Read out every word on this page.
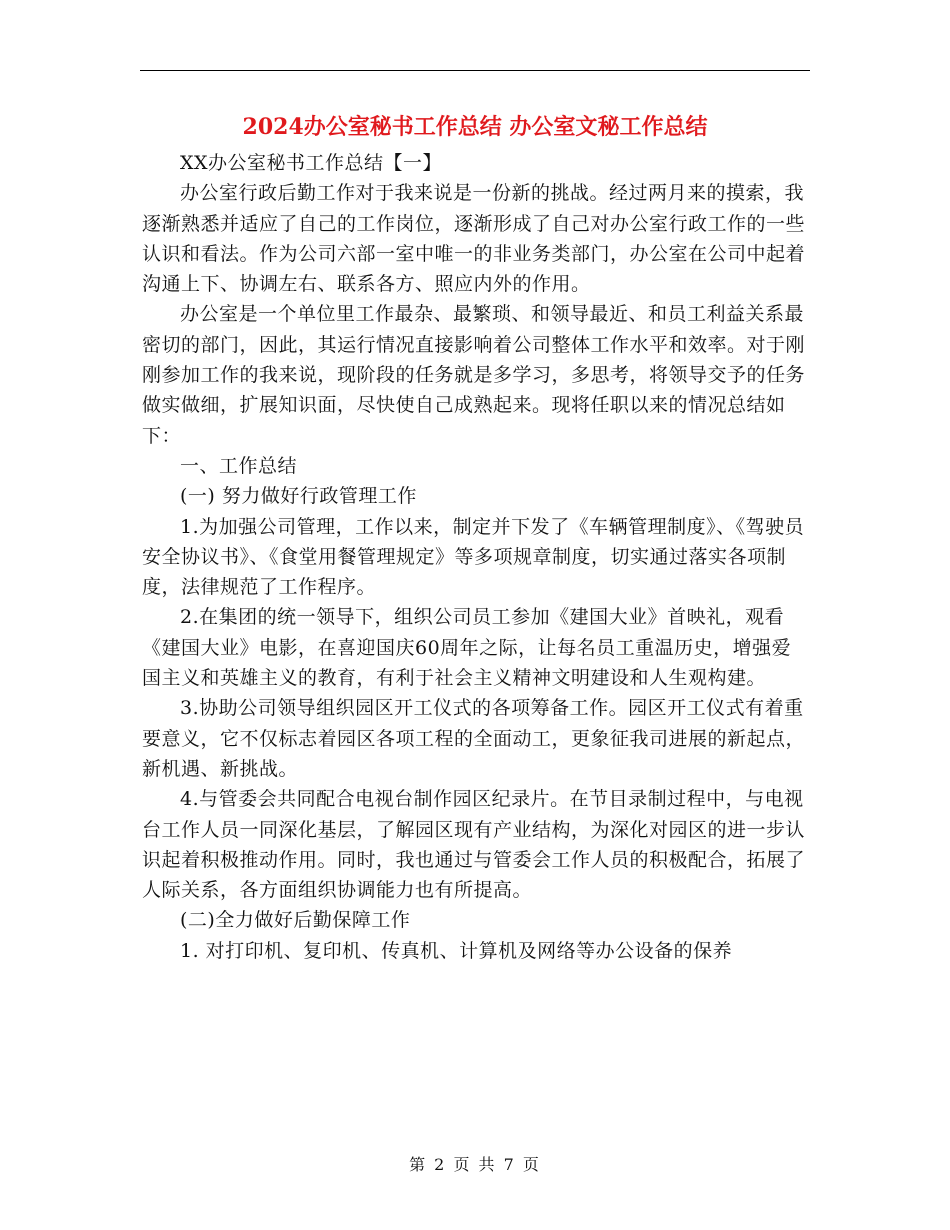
2024办公室秘书工作总结 办公室文秘工作总结

XX办公室秘书工作总结【一】

办公室行政后勤工作对于我来说是一份新的挑战。经过两月来的摸索，我逐渐熟悉并适应了自己的工作岗位，逐渐形成了自己对办公室行政工作的一些认识和看法。作为公司六部一室中唯一的非业务类部门，办公室在公司中起着沟通上下、协调左右、联系各方、照应内外的作用。

办公室是一个单位里工作最杂、最繁琐、和领导最近、和员工利益关系最密切的部门，因此，其运行情况直接影响着公司整体工作水平和效率。对于刚刚参加工作的我来说，现阶段的任务就是多学习，多思考，将领导交予的任务做实做细，扩展知识面，尽快使自己成熟起来。现将任职以来的情况总结如下：

一、工作总结

(一) 努力做好行政管理工作

1.为加强公司管理，工作以来，制定并下发了《车辆管理制度》、《驾驶员安全协议书》、《食堂用餐管理规定》等多项规章制度，切实通过落实各项制度，法律规范了工作程序。

2.在集团的统一领导下，组织公司员工参加《建国大业》首映礼，观看《建国大业》电影，在喜迎国庆60周年之际，让每名员工重温历史，增强爱国主义和英雄主义的教育，有利于社会主义精神文明建设和人生观构建。

3.协助公司领导组织园区开工仪式的各项筹备工作。园区开工仪式有着重要意义，它不仅标志着园区各项工程的全面动工，更象征我司进展的新起点，新机遇、新挑战。

4.与管委会共同配合电视台制作园区纪录片。在节目录制过程中，与电视台工作人员一同深化基层，了解园区现有产业结构，为深化对园区的进一步认识起着积极推动作用。同时，我也通过与管委会工作人员的积极配合，拓展了人际关系，各方面组织协调能力也有所提高。

(二)全力做好后勤保障工作

1. 对打印机、复印机、传真机、计算机及网络等办公设备的保养

第 2 页 共 7 页
